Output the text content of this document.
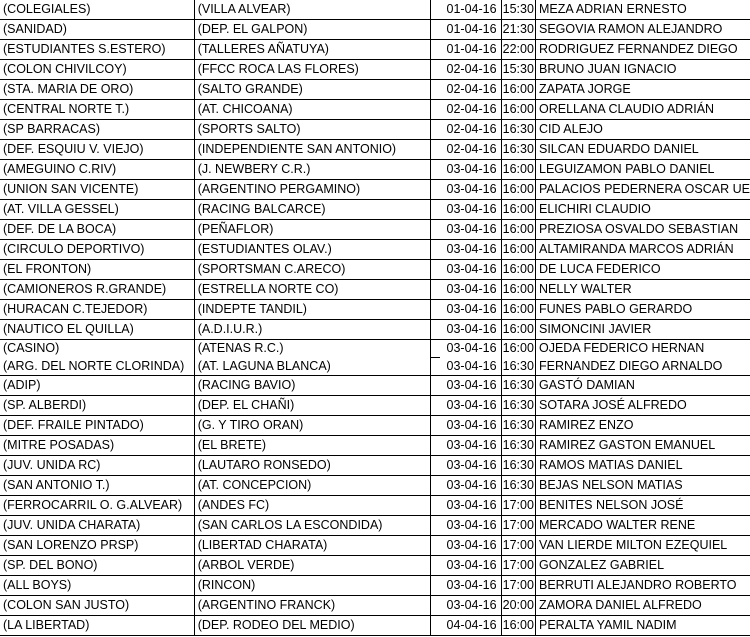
(COLEGIALES)	(VILLA ALVEAR)		01-04-16	15:30	MEZA ADRIAN ERNESTO
(SANIDAD)	(DEP. EL GALPON)		01-04-16	21:30	SEGOVIA RAMON ALEJANDRO
(ESTUDIANTES S.ESTERO)	(TALLERES AÑATUYA)		01-04-16	22:00	RODRIGUEZ FERNANDEZ DIEGO
(COLON CHIVILCOY)	(FFCC ROCA LAS FLORES)		02-04-16	15:30	BRUNO JUAN IGNACIO
(STA. MARIA DE ORO)	(SALTO GRANDE)		02-04-16	16:00	ZAPATA JORGE
(CENTRAL NORTE T.)	(AT. CHICOANA)		02-04-16	16:00	ORELLANA CLAUDIO ADRIÁN
(SP BARRACAS)	(SPORTS SALTO)		02-04-16	16:30	CID ALEJO
(DEF. ESQUIU V. VIEJO)	(INDEPENDIENTE SAN ANTONIO)		02-04-16	16:30	SILCAN EDUARDO DANIEL
(AMEGUINO C.RIV)	(J. NEWBERY C.R.)		03-04-16	16:00	LEGUIZAMON PABLO DANIEL
(UNION SAN VICENTE)	(ARGENTINO PERGAMINO)		03-04-16	16:00	PALACIOS PEDERNERA OSCAR UE
(AT. VILLA GESSEL)	(RACING BALCARCE)		03-04-16	16:00	ELICHIRI CLAUDIO
(DEF. DE LA BOCA)	(PEÑAFLOR)		03-04-16	16:00	PREZIOSA OSVALDO SEBASTIAN
(CIRCULO DEPORTIVO)	(ESTUDIANTES OLAV.)		03-04-16	16:00	ALTAMIRANDA MARCOS ADRIÁN
(EL FRONTON)	(SPORTSMAN C.ARECO)		03-04-16	16:00	DE LUCA FEDERICO
(CAMIONEROS R.GRANDE)	(ESTRELLA NORTE CO)		03-04-16	16:00	NELLY WALTER
(HURACAN C.TEJEDOR)	(INDEPTE TANDIL)		03-04-16	16:00	FUNES PABLO GERARDO
(NAUTICO EL QUILLA)	(A.D.I.U.R.)		03-04-16	16:00	SIMONCINI JAVIER
(CASINO)	(ATENAS R.C.)		03-04-16	16:00	OJEDA FEDERICO HERNAN
(ARG. DEL NORTE CLORINDA)	(AT. LAGUNA BLANCA)		03-04-16	16:30	FERNANDEZ DIEGO ARNALDO
(ADIP)	(RACING BAVIO)		03-04-16	16:30	GASTÓ DAMIAN
(SP. ALBERDI)	(DEP. EL CHAÑI)		03-04-16	16:30	SOTARA JOSÉ ALFREDO
(DEF. FRAILE PINTADO)	(G. Y TIRO ORAN)		03-04-16	16:30	RAMIREZ ENZO
(MITRE POSADAS)	(EL BRETE)		03-04-16	16:30	RAMIREZ GASTON EMANUEL
(JUV. UNIDA RC)	(LAUTARO RONSEDO)		03-04-16	16:30	RAMOS MATIAS DANIEL
(SAN ANTONIO T.)	(AT. CONCEPCION)		03-04-16	16:30	BEJAS NELSON MATIAS
(FERROCARRIL O. G.ALVEAR)	(ANDES FC)		03-04-16	17:00	BENITES NELSON JOSÉ
(JUV. UNIDA CHARATA)	(SAN CARLOS LA ESCONDIDA)		03-04-16	17:00	MERCADO WALTER RENE
(SAN LORENZO PRSP)	(LIBERTAD CHARATA)		03-04-16	17:00	VAN LIERDE MILTON EZEQUIEL
(SP. DEL BONO)	(ARBOL VERDE)		03-04-16	17:00	GONZALEZ GABRIEL
(ALL BOYS)	(RINCON)		03-04-16	17:00	BERRUTI ALEJANDRO ROBERTO
(COLON SAN JUSTO)	(ARGENTINO FRANCK)		03-04-16	20:00	ZAMORA DANIEL ALFREDO
(LA LIBERTAD)	(DEP. RODEO DEL MEDIO)		04-04-16	16:00	PERALTA YAMIL NADIM
